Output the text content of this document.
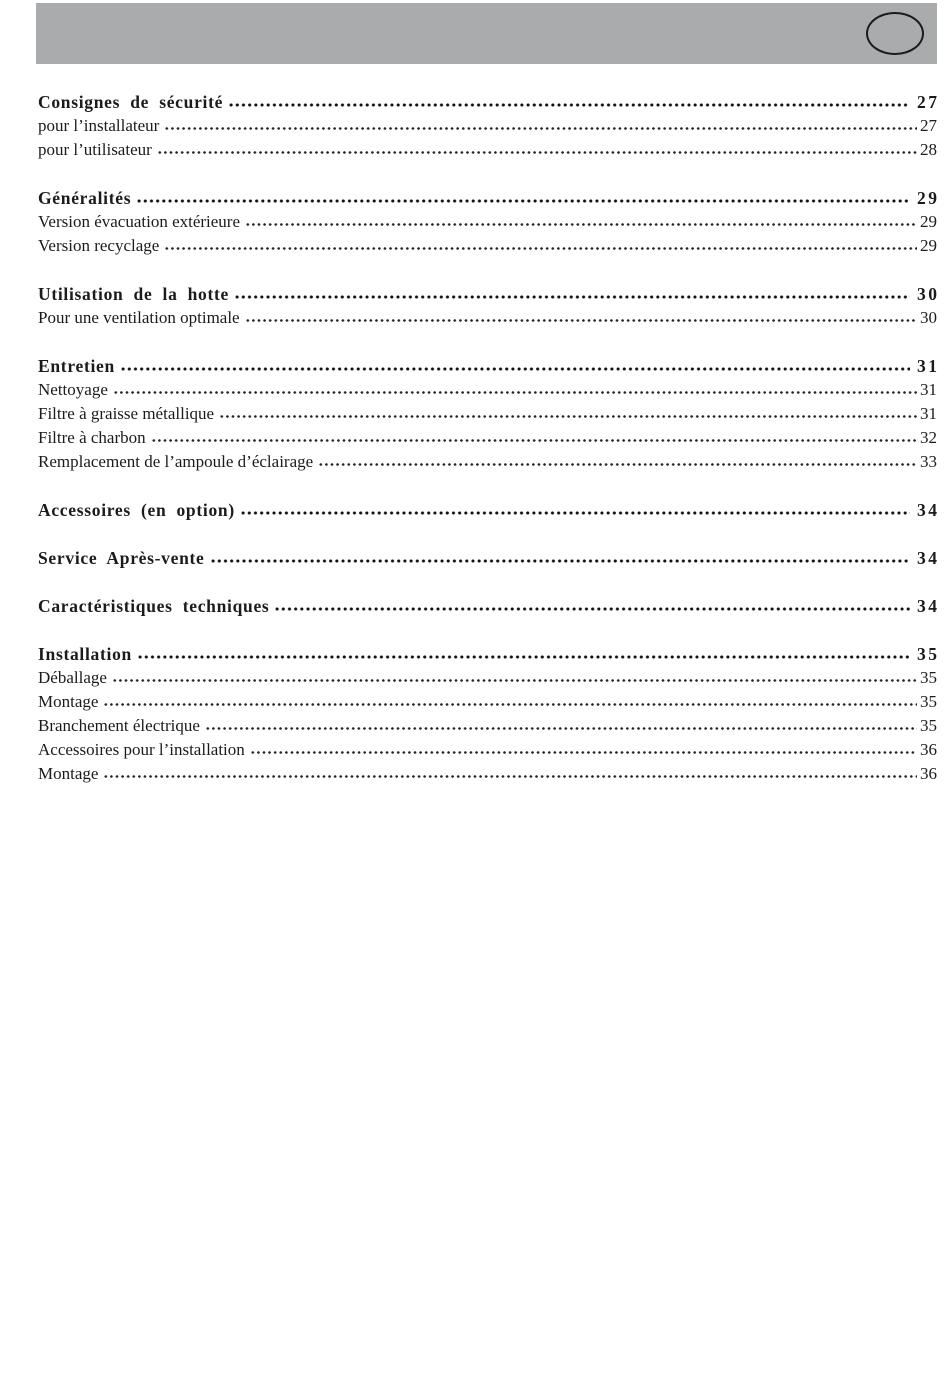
Consignes de sécurité	27
pour l’installateur	27
pour l’utilisateur	28
Généralités	29
Version évacuation extérieure	29
Version recyclage	29
Utilisation de la hotte	30
Pour une ventilation optimale	30
Entretien	31
Nettoyage	31
Filtre à graisse métallique	31
Filtre à charbon	32
Remplacement de l’ampoule d’éclairage	33
Accessoires (en option)	34
Service Après-vente	34
Caractéristiques techniques	34
Installation	35
Déballage	35
Montage	35
Branchement électrique	35
Accessoires pour l’installation	36
Montage	36
